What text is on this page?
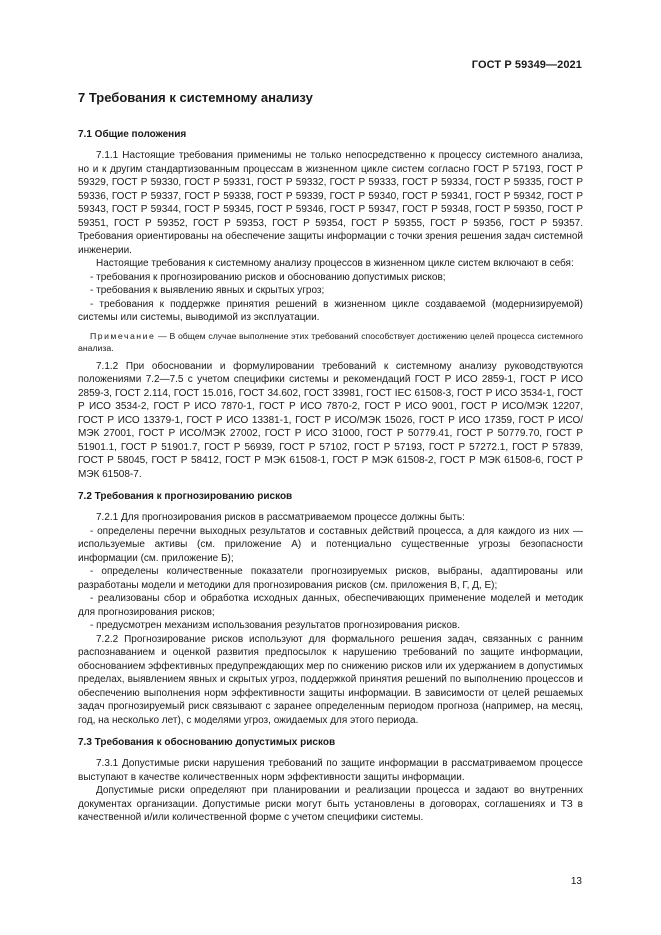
ГОСТ Р 59349—2021
7 Требования к системному анализу
7.1 Общие положения

7.1.1 Настоящие требования применимы не только непосредственно к процессу системного анализа, но и к другим стандартизованным процессам в жизненном цикле систем согласно ГОСТ Р 57193, ГОСТ Р 59329, ГОСТ Р 59330, ГОСТ Р 59331, ГОСТ Р 59332, ГОСТ Р 59333, ГОСТ Р 59334, ГОСТ Р 59335, ГОСТ Р 59336, ГОСТ Р 59337, ГОСТ Р 59338, ГОСТ Р 59339, ГОСТ Р 59340, ГОСТ Р 59341, ГОСТ Р 59342, ГОСТ Р 59343, ГОСТ Р 59344, ГОСТ Р 59345, ГОСТ Р 59346, ГОСТ Р 59347, ГОСТ Р 59348, ГОСТ Р 59350, ГОСТ Р 59351, ГОСТ Р 59352, ГОСТ Р 59353, ГОСТ Р 59354, ГОСТ Р 59355, ГОСТ Р 59356, ГОСТ Р 59357. Требования ориентированы на обеспечение защиты информации с точки зрения решения задач системной инженерии.

Настоящие требования к системному анализу процессов в жизненном цикле систем включают в себя:

- требования к прогнозированию рисков и обоснованию допустимых рисков;

- требования к выявлению явных и скрытых угроз;

- требования к поддержке принятия решений в жизненном цикле создаваемой (модернизируемой) системы или системы, выводимой из эксплуатации.

Примечание — В общем случае выполнение этих требований способствует достижению целей процесса системного анализа.

7.1.2 При обосновании и формулировании требований к системному анализу руководствуются положениями 7.2—7.5 с учетом специфики системы и рекомендаций ГОСТ Р ИСО 2859-1, ГОСТ Р ИСО 2859-3, ГОСТ 2.114, ГОСТ 15.016, ГОСТ 34.602, ГОСТ 33981, ГОСТ IEC 61508-3, ГОСТ Р ИСО 3534-1, ГОСТ Р ИСО 3534-2, ГОСТ Р ИСО 7870-1, ГОСТ Р ИСО 7870-2, ГОСТ Р ИСО 9001, ГОСТ Р ИСО/МЭК 12207, ГОСТ Р ИСО 13379-1, ГОСТ Р ИСО 13381-1, ГОСТ Р ИСО/МЭК 15026, ГОСТ Р ИСО 17359, ГОСТ Р ИСО/МЭК 27001, ГОСТ Р ИСО/МЭК 27002, ГОСТ Р ИСО 31000, ГОСТ Р 50779.41, ГОСТ Р 50779.70, ГОСТ Р 51901.1, ГОСТ Р 51901.7, ГОСТ Р 56939, ГОСТ Р 57102, ГОСТ Р 57193, ГОСТ Р 57272.1, ГОСТ Р 57839, ГОСТ Р 58045, ГОСТ Р 58412, ГОСТ Р МЭК 61508-1, ГОСТ Р МЭК 61508-2, ГОСТ Р МЭК 61508-6, ГОСТ Р МЭК 61508-7.

7.2 Требования к прогнозированию рисков

7.2.1 Для прогнозирования рисков в рассматриваемом процессе должны быть:

- определены перечни выходных результатов и составных действий процесса, а для каждого из них — используемые активы (см. приложение А) и потенциально существенные угрозы безопасности информации (см. приложение Б);

- определены количественные показатели прогнозируемых рисков, выбраны, адаптированы или разработаны модели и методики для прогнозирования рисков (см. приложения В, Г, Д, Е);

- реализованы сбор и обработка исходных данных, обеспечивающих применение моделей и методик для прогнозирования рисков;

- предусмотрен механизм использования результатов прогнозирования рисков.

7.2.2 Прогнозирование рисков используют для формального решения задач, связанных с ранним распознаванием и оценкой развития предпосылок к нарушению требований по защите информации, обоснованием эффективных предупреждающих мер по снижению рисков или их удержанием в допустимых пределах, выявлением явных и скрытых угроз, поддержкой принятия решений по выполнению процессов и обеспечению выполнения норм эффективности защиты информации. В зависимости от целей решаемых задач прогнозируемый риск связывают с заранее определенным периодом прогноза (например, на месяц, год, на несколько лет), с моделями угроз, ожидаемых для этого периода.

7.3 Требования к обоснованию допустимых рисков

7.3.1 Допустимые риски нарушения требований по защите информации в рассматриваемом процессе выступают в качестве количественных норм эффективности защиты информации.

Допустимые риски определяют при планировании и реализации процесса и задают во внутренних документах организации. Допустимые риски могут быть установлены в договорах, соглашениях и ТЗ в качественной и/или количественной форме с учетом специфики системы.

13
